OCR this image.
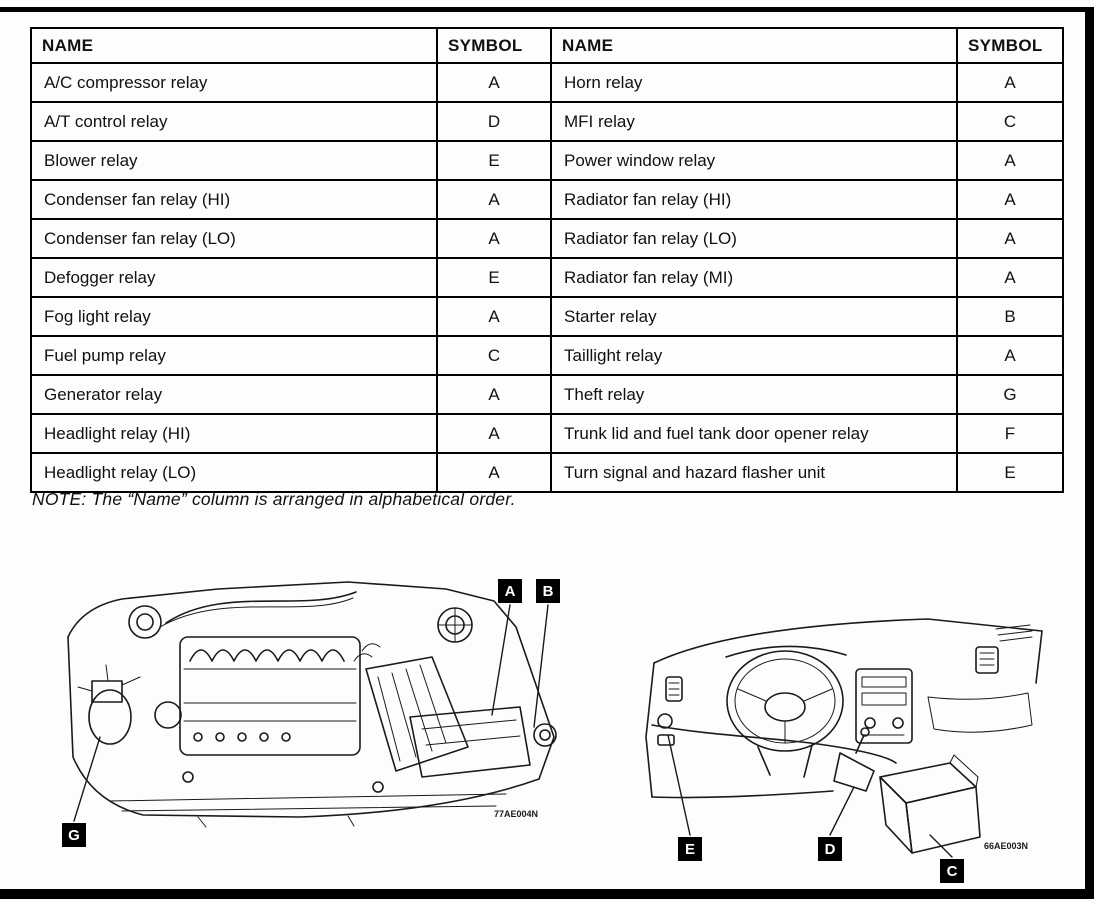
NAME	SYMBOL	NAME	SYMBOL
A/C compressor relay	A	Horn relay	A
A/T control relay	D	MFI relay	C
Blower relay	E	Power window relay	A
Condenser fan relay (HI)	A	Radiator fan relay (HI)	A
Condenser fan relay (LO)	A	Radiator fan relay (LO)	A
Defogger relay	E	Radiator fan relay (MI)	A
Fog light relay	A	Starter relay	B
Fuel pump relay	C	Taillight relay	A
Generator relay	A	Theft relay	G
Headlight relay (HI)	A	Trunk lid and fuel tank door opener relay	F
Headlight relay (LO)	A	Turn signal and hazard flasher unit	E
NOTE: The “Name” column is arranged in alphabetical order.
A B
G
77AE004N
E	D
C
66AE003N
